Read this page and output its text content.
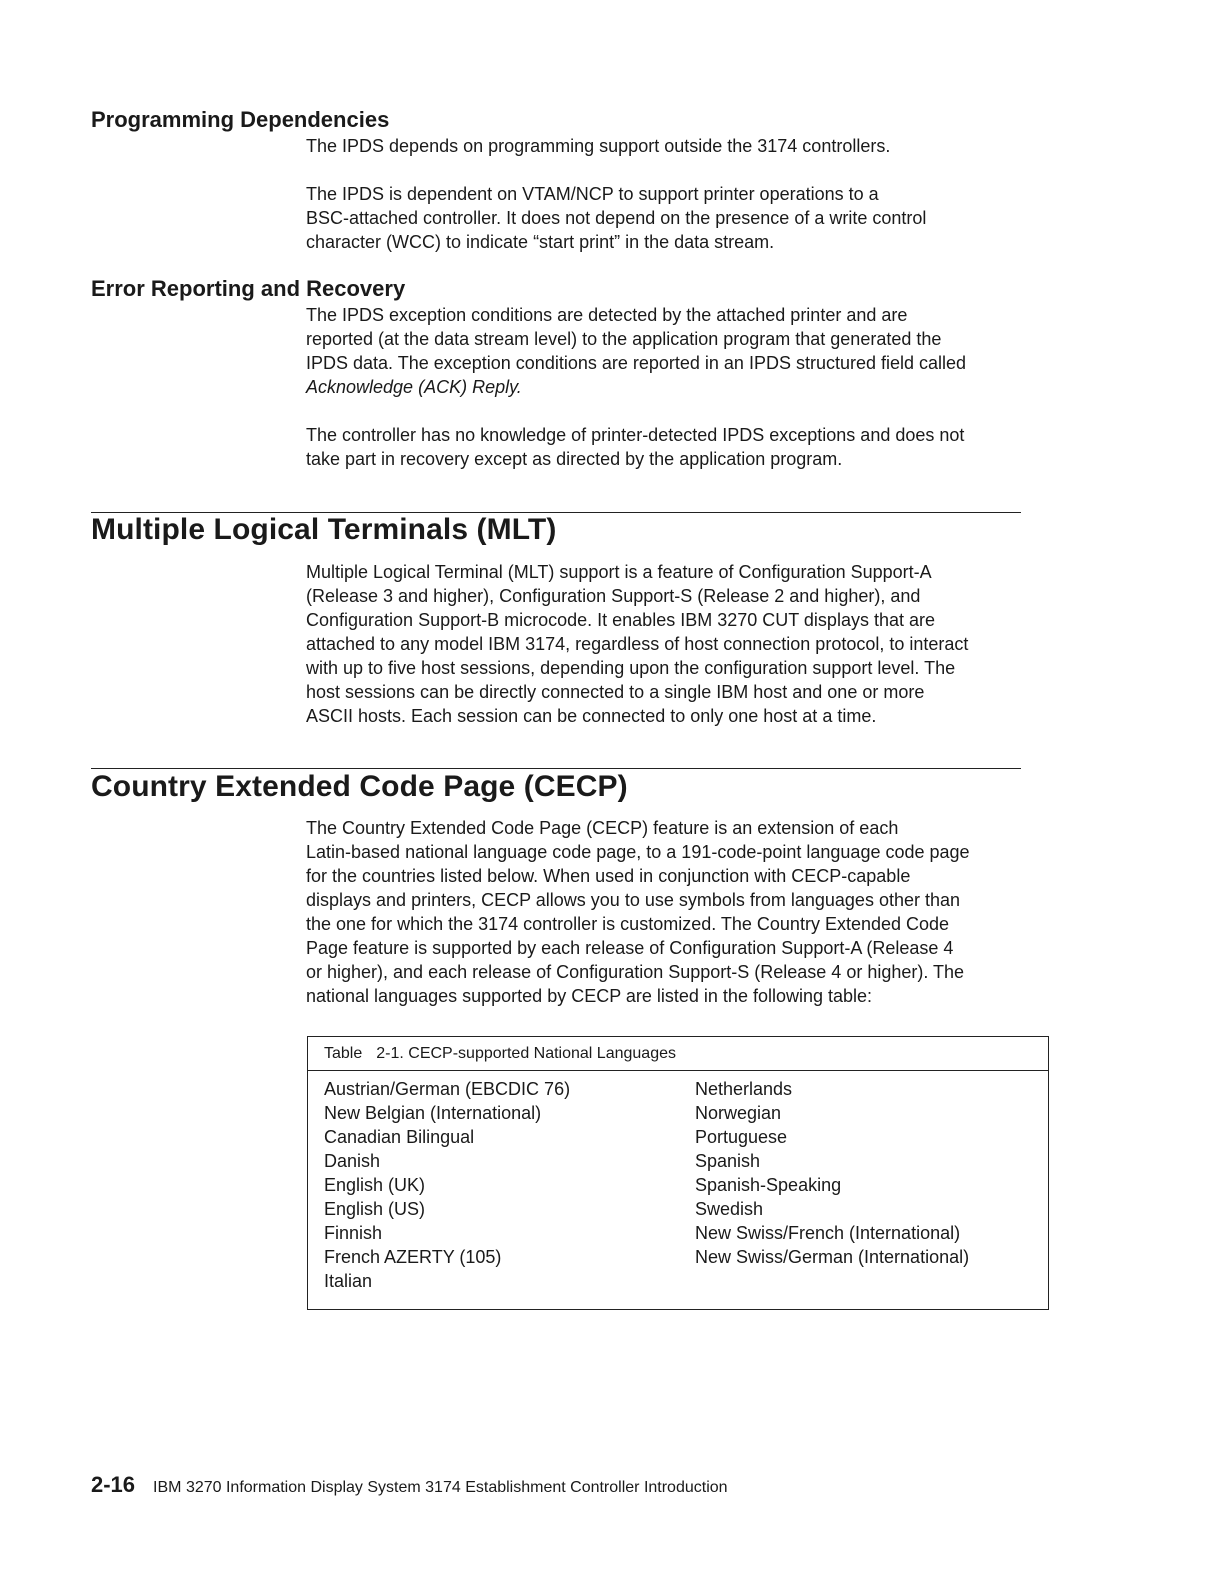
Programming Dependencies
The IPDS depends on programming support outside the 3174 controllers.
The IPDS is dependent on VTAM/NCP to support printer operations to a
BSC-attached controller. It does not depend on the presence of a write control
character (WCC) to indicate “start print” in the data stream.
Error Reporting and Recovery
The IPDS exception conditions are detected by the attached printer and are
reported (at the data stream level) to the application program that generated the
IPDS data. The exception conditions are reported in an IPDS structured field called
Acknowledge (ACK) Reply.
The controller has no knowledge of printer-detected IPDS exceptions and does not
take part in recovery except as directed by the application program.
Multiple Logical Terminals (MLT)
Multiple Logical Terminal (MLT) support is a feature of Configuration Support-A
(Release 3 and higher), Configuration Support-S (Release 2 and higher), and
Configuration Support-B microcode. It enables IBM 3270 CUT displays that are
attached to any model IBM 3174, regardless of host connection protocol, to interact
with up to five host sessions, depending upon the configuration support level. The
host sessions can be directly connected to a single IBM host and one or more
ASCII hosts. Each session can be connected to only one host at a time.
Country Extended Code Page (CECP)
The Country Extended Code Page (CECP) feature is an extension of each
Latin-based national language code page, to a 191-code-point language code page
for the countries listed below. When used in conjunction with CECP-capable
displays and printers, CECP allows you to use symbols from languages other than
the one for which the 3174 controller is customized. The Country Extended Code
Page feature is supported by each release of Configuration Support-A (Release 4
or higher), and each release of Configuration Support-S (Release 4 or higher). The
national languages supported by CECP are listed in the following table:
Table 2-1. CECP-supported National Languages
Austrian/German (EBCDIC 76)
New Belgian (International)
Canadian Bilingual
Danish
English (UK)
English (US)
Finnish
French AZERTY (105)
Italian
Netherlands
Norwegian
Portuguese
Spanish
Spanish-Speaking
Swedish
New Swiss/French (International)
New Swiss/German (International)
2-16 IBM 3270 Information Display System 3174 Establishment Controller Introduction
